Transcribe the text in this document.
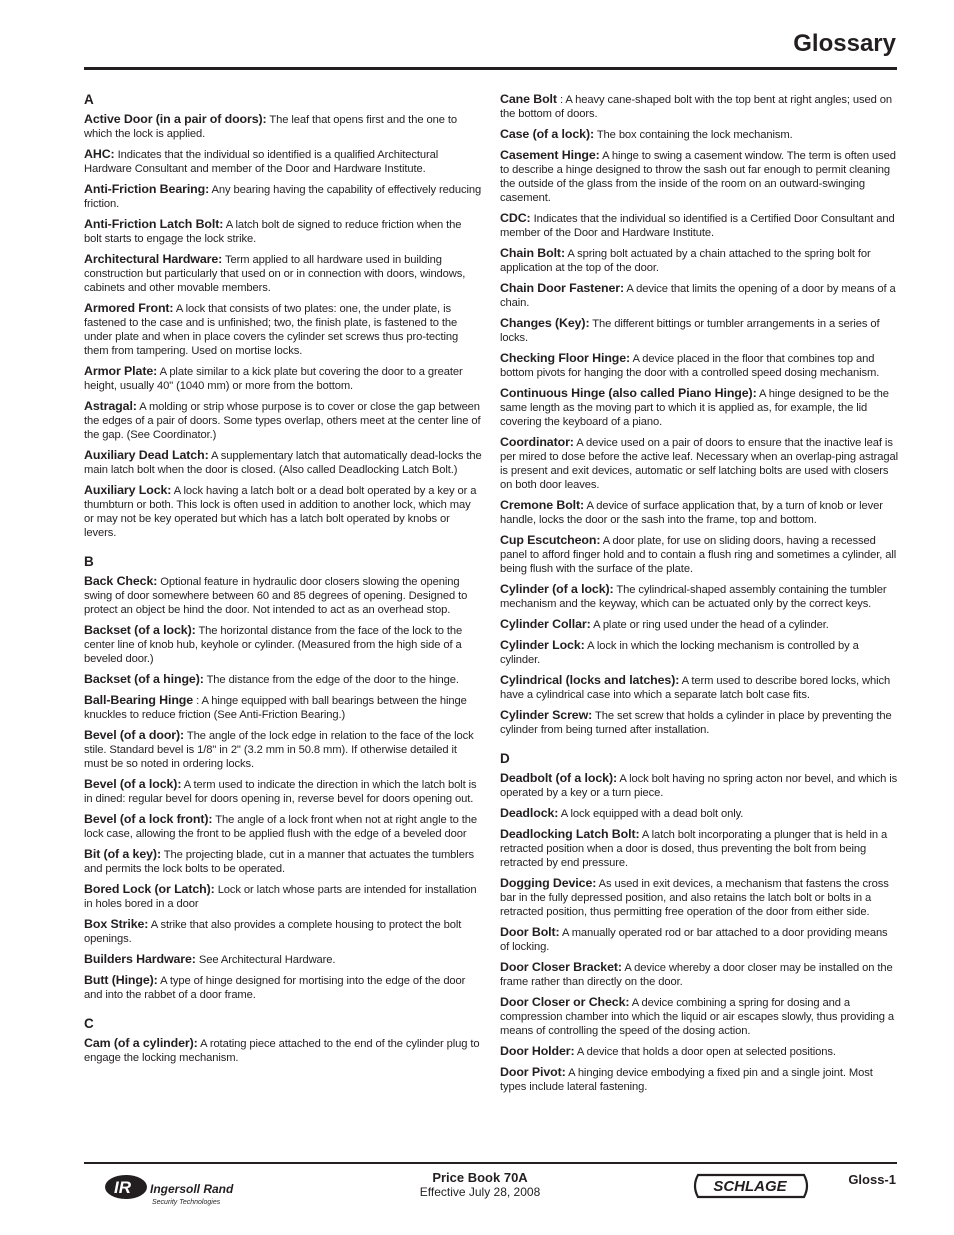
Glossary
A
Active Door (in a pair of doors): The leaf that opens first and the one to which the lock is applied.
AHC: Indicates that the individual so identified is a qualified Architectural Hardware Consultant and member of the Door and Hardware Institute.
Anti-Friction Bearing: Any bearing having the capability of effectively reducing friction.
Anti-Friction Latch Bolt: A latch bolt de signed to reduce friction when the bolt starts to engage the lock strike.
Architectural Hardware: Term applied to all hardware used in building construction but particularly that used on or in connection with doors, windows, cabinets and other movable members.
Armored Front: A lock that consists of two plates: one, the under plate, is fastened to the case and is unfinished; two, the finish plate, is fastened to the under plate and when in place covers the cylinder set screws thus pro-tecting them from tampering. Used on mortise locks.
Armor Plate: A plate similar to a kick plate but covering the door to a greater height, usually 40" (1040 mm) or more from the bottom.
Astragal: A molding or strip whose purpose is to cover or close the gap between the edges of a pair of doors. Some types overlap, others meet at the center line of the gap. (See Coordinator.)
Auxiliary Dead Latch: A supplementary latch that automatically dead-locks the main latch bolt when the door is closed. (Also called Deadlocking Latch Bolt.)
Auxiliary Lock: A lock having a latch bolt or a dead bolt operated by a key or a thumbturn or both. This lock is often used in addition to another lock, which may or may not be key operated but which has a latch bolt operated by knobs or levers.
B
Back Check: Optional feature in hydraulic door closers slowing the opening swing of door somewhere between 60 and 85 degrees of opening. Designed to protect an object be hind the door. Not intended to act as an overhead stop.
Backset (of a lock): The horizontal distance from the face of the lock to the center line of knob hub, keyhole or cylinder. (Measured from the high side of a beveled door.)
Backset (of a hinge): The distance from the edge of the door to the hinge.
Ball-Bearing Hinge : A hinge equipped with ball bearings between the hinge knuckles to reduce friction (See Anti-Friction Bearing.)
Bevel (of a door): The angle of the lock edge in relation to the face of the lock stile. Standard bevel is 1/8" in 2" (3.2 mm in 50.8 mm). If otherwise detailed it must be so noted in ordering locks.
Bevel (of a lock): A term used to indicate the direction in which the latch bolt is in dined: regular bevel for doors opening in, reverse bevel for doors opening out.
Bevel (of a lock front): The angle of a lock front when not at right angle to the lock case, allowing the front to be applied flush with the edge of a beveled door
Bit (of a key): The projecting blade, cut in a manner that actuates the tumblers and permits the lock bolts to be operated.
Bored Lock (or Latch): Lock or latch whose parts are intended for installation in holes bored in a door
Box Strike: A strike that also provides a complete housing to protect the bolt openings.
Builders Hardware: See Architectural Hardware.
Butt (Hinge): A type of hinge designed for mortising into the edge of the door and into the rabbet of a door frame.
C
Cam (of a cylinder): A rotating piece attached to the end of the cylinder plug to engage the locking mechanism.
Cane Bolt : A heavy cane-shaped bolt with the top bent at right angles; used on the bottom of doors.
Case (of a lock): The box containing the lock mechanism.
Casement Hinge: A hinge to swing a casement window. The term is often used to describe a hinge designed to throw the sash out far enough to permit cleaning the outside of the glass from the inside of the room on an outward-swinging casement.
CDC: Indicates that the individual so identified is a Certified Door Consultant and member of the Door and Hardware Institute.
Chain Bolt: A spring bolt actuated by a chain attached to the spring bolt for application at the top of the door.
Chain Door Fastener: A device that limits the opening of a door by means of a chain.
Changes (Key): The different bittings or tumbler arrangements in a series of locks.
Checking Floor Hinge: A device placed in the floor that combines top and bottom pivots for hanging the door with a controlled speed dosing mechanism.
Continuous Hinge (also called Piano Hinge): A hinge designed to be the same length as the moving part to which it is applied as, for example, the lid covering the keyboard of a piano.
Coordinator: A device used on a pair of doors to ensure that the inactive leaf is per mired to dose before the active leaf. Necessary when an overlap-ping astragal is present and exit devices, automatic or self latching bolts are used with closers on both door leaves.
Cremone Bolt: A device of surface application that, by a turn of knob or lever handle, locks the door or the sash into the frame, top and bottom.
Cup Escutcheon: A door plate, for use on sliding doors, having a recessed panel to afford finger hold and to contain a flush ring and sometimes a cylinder, all being flush with the surface of the plate.
Cylinder (of a lock): The cylindrical-shaped assembly containing the tumbler mechanism and the keyway, which can be actuated only by the correct keys.
Cylinder Collar: A plate or ring used under the head of a cylinder.
Cylinder Lock: A lock in which the locking mechanism is controlled by a cylinder.
Cylindrical (locks and latches): A term used to describe bored locks, which have a cylindrical case into which a separate latch bolt case fits.
Cylinder Screw: The set screw that holds a cylinder in place by preventing the cylinder from being turned after installation.
D
Deadbolt (of a lock): A lock bolt having no spring acton nor bevel, and which is operated by a key or a turn piece.
Deadlock: A lock equipped with a dead bolt only.
Deadlocking Latch Bolt: A latch bolt incorporating a plunger that is held in a retracted position when a door is dosed, thus preventing the bolt from being retracted by end pressure.
Dogging Device: As used in exit devices, a mechanism that fastens the cross bar in the fully depressed position, and also retains the latch bolt or bolts in a retracted position, thus permitting free operation of the door from either side.
Door Bolt: A manually operated rod or bar attached to a door providing means of locking.
Door Closer Bracket: A device whereby a door closer may be installed on the frame rather than directly on the door.
Door Closer or Check: A device combining a spring for dosing and a compression chamber into which the liquid or air escapes slowly, thus providing a means of controlling the speed of the dosing action.
Door Holder: A device that holds a door open at selected positions.
Door Pivot: A hinging device embodying a fixed pin and a single joint. Most types include lateral fastening.
IR Ingersoll Rand
Security Technologies
Price Book 70A
Effective July 28, 2008	SCHLAGE	Gloss-1
